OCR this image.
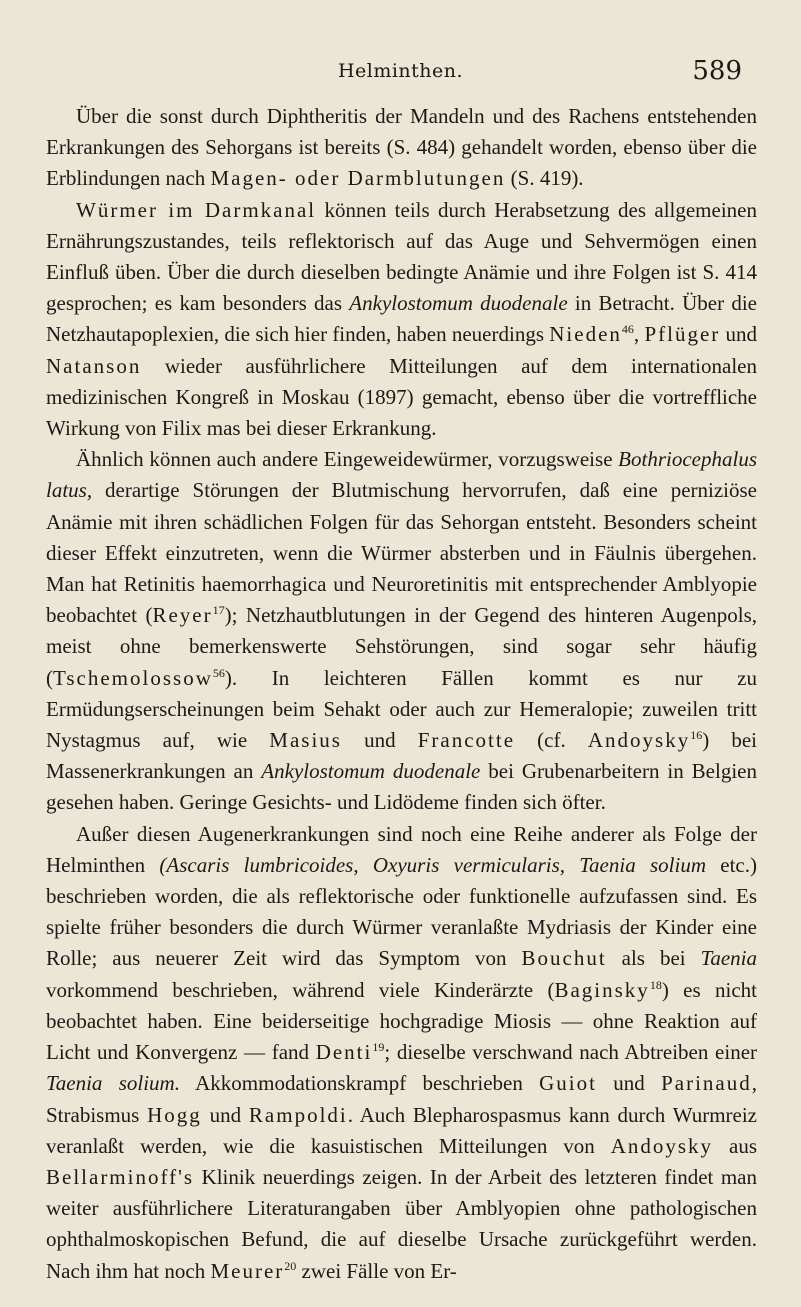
Helminthen.	589

Über die sonst durch Diphtheritis der Mandeln und des Rachens entstehenden Erkrankungen des Sehorgans ist bereits (S. 484) gehandelt worden, ebenso über die Erblindungen nach Magen- oder Darmblutungen (S. 419).

Würmer im Darmkanal können teils durch Herabsetzung des allgemeinen Ernährungszustandes, teils reflektorisch auf das Auge und Sehvermögen einen Einfluß üben. Über die durch dieselben bedingte Anämie und ihre Folgen ist S. 414 gesprochen; es kam besonders das Ankylostomum duodenale in Betracht. Über die Netzhautapoplexien, die sich hier finden, haben neuerdings Nieden$^{46}$, Pflüger und Natanson wieder ausführlichere Mitteilungen auf dem internationalen medizinischen Kongreß in Moskau (1897) gemacht, ebenso über die vortreffliche Wirkung von Filix mas bei dieser Erkrankung.

Ähnlich können auch andere Eingeweidewürmer, vorzugsweise Bothriocephalus latus, derartige Störungen der Blutmischung hervorrufen, daß eine perniziöse Anämie mit ihren schädlichen Folgen für das Sehorgan entsteht. Besonders scheint dieser Effekt einzutreten, wenn die Würmer absterben und in Fäulnis übergehen. Man hat Retinitis haemorrhagica und Neuroretinitis mit entsprechender Amblyopie beobachtet (Reyer$^{17}$); Netzhautblutungen in der Gegend des hinteren Augenpols, meist ohne bemerkenswerte Sehstörungen, sind sogar sehr häufig (Tschemolossow$^{56}$). In leichteren Fällen kommt es nur zu Ermüdungserscheinungen beim Sehakt oder auch zur Hemeralopie; zuweilen tritt Nystagmus auf, wie Masius und Francotte (cf. Andoysky$^{16}$) bei Massenerkrankungen an Ankylostomum duodenale bei Grubenarbeitern in Belgien gesehen haben. Geringe Gesichts- und Lidödeme finden sich öfter.

Außer diesen Augenerkrankungen sind noch eine Reihe anderer als Folge der Helminthen (Ascaris lumbricoides, Oxyuris vermicularis, Taenia solium etc.) beschrieben worden, die als reflektorische oder funktionelle aufzufassen sind. Es spielte früher besonders die durch Würmer veranlaßte Mydriasis der Kinder eine Rolle; aus neuerer Zeit wird das Symptom von Bouchut als bei Taenia vorkommend beschrieben, während viele Kinderärzte (Baginsky$^{18}$) es nicht beobachtet haben. Eine beiderseitige hochgradige Miosis — ohne Reaktion auf Licht und Konvergenz — fand Denti$^{19}$; dieselbe verschwand nach Abtreiben einer Taenia solium. Akkommodationskrampf beschrieben Guiot und Parinaud, Strabismus Hogg und Rampoldi. Auch Blepharospasmus kann durch Wurmreiz veranlaßt werden, wie die kasuistischen Mitteilungen von Andoysky aus Bellarminoff's Klinik neuerdings zeigen. In der Arbeit des letzteren findet man weiter ausführlichere Literaturangaben über Amblyopien ohne pathologischen ophthalmoskopischen Befund, die auf dieselbe Ursache zurückgeführt werden. Nach ihm hat noch Meurer$^{20}$ zwei Fälle von Er-
